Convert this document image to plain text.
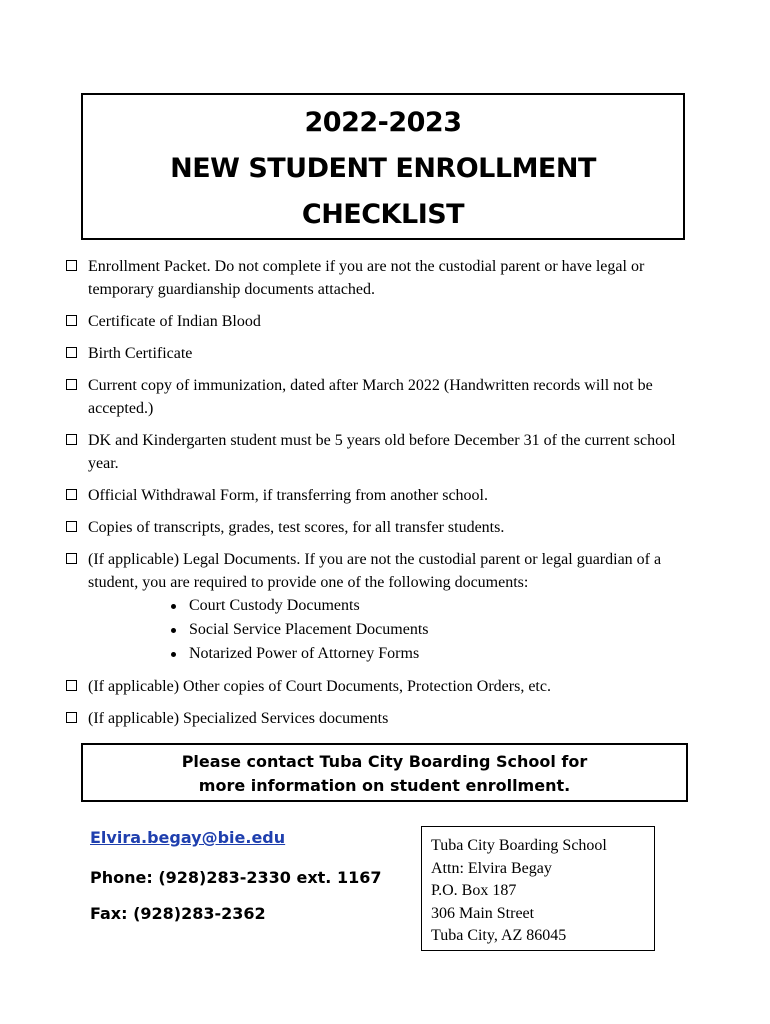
2022-2023
NEW STUDENT ENROLLMENT
CHECKLIST
Enrollment Packet. Do not complete if you are not the custodial parent or have legal or temporary guardianship documents attached.
Certificate of Indian Blood
Birth Certificate
Current copy of immunization, dated after March 2022 (Handwritten records will not be accepted.)
DK and Kindergarten student must be 5 years old before December 31 of the current school year.
Official Withdrawal Form, if transferring from another school.
Copies of transcripts, grades, test scores, for all transfer students.
(If applicable) Legal Documents. If you are not the custodial parent or legal guardian of a student, you are required to provide one of the following documents:
Court Custody Documents
Social Service Placement Documents
Notarized Power of Attorney Forms
(If applicable) Other copies of Court Documents, Protection Orders, etc.
(If applicable) Specialized Services documents
Please contact Tuba City Boarding School for
more information on student enrollment.
Elvira.begay@bie.edu
Phone: (928)283-2330 ext. 1167
Fax: (928)283-2362
Tuba City Boarding School
Attn: Elvira Begay
P.O. Box 187
306 Main Street
Tuba City, AZ 86045
